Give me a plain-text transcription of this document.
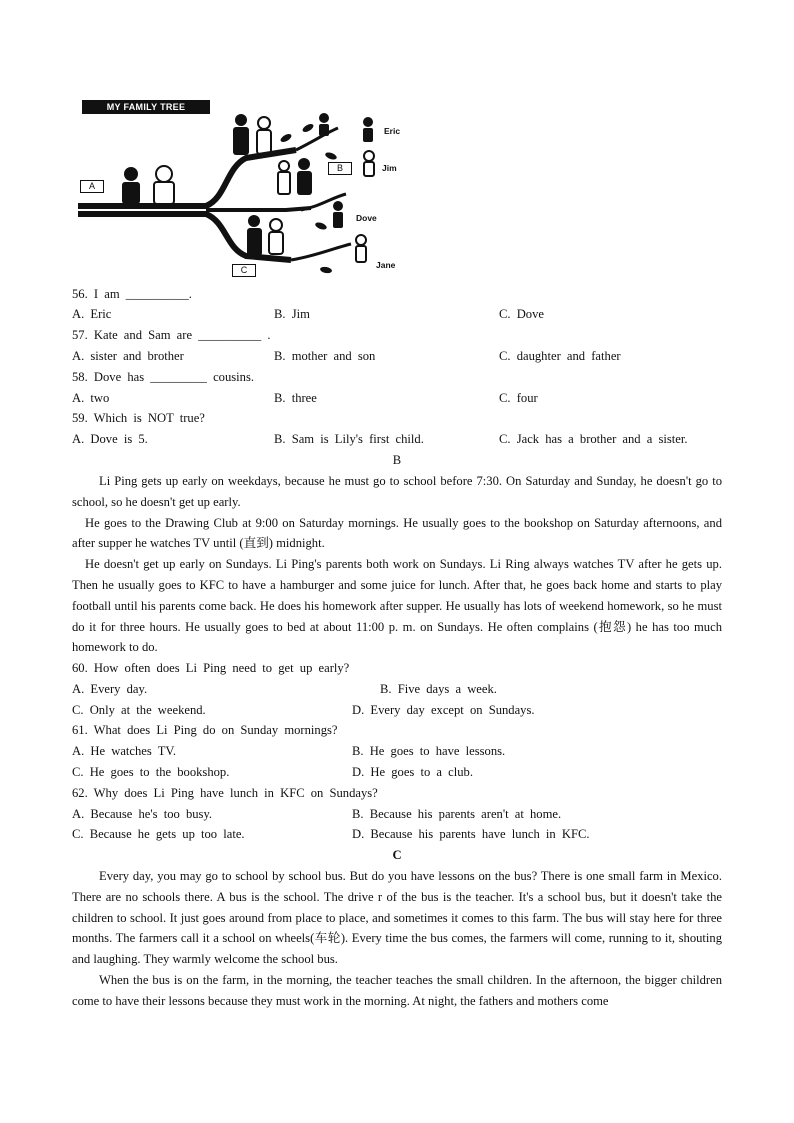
MY FAMILY TREE
A
B
C
Eric
Jim
Dove
Jane
56. I am __________.
A. Eric	B. Jim	C. Dove
57. Kate and Sam are __________ .
A. sister and brother	B. mother and son	C. daughter and father
58. Dove has _________ cousins.
A. two	B. three	C. four
59. Which is NOT true?
A. Dove is 5.	B. Sam is Lily's first child.	C. Jack has a brother and a sister.
B

Li Ping gets up early on weekdays, because he must go to school before 7:30. On Saturday and Sunday, he doesn't go to school, so he doesn't get up early.

He goes to the Drawing Club at 9:00 on Saturday mornings. He usually goes to the bookshop on Saturday afternoons, and after supper he watches TV until (直到) midnight.

He doesn't get up early on Sundays. Li Ping's parents both work on Sundays. Li Ring always watches TV after he gets up. Then he usually goes to KFC to have a hamburger and some juice for lunch. After that, he goes back home and starts to play football until his parents come back. He does his homework after supper. He usually has lots of weekend homework, so he must do it for three hours. He usually goes to bed at about 11:00 p. m. on Sundays. He often complains (抱怨) he has too much homework to do.

60. How often does Li Ping need to get up early?
A. Every day.	B. Five days a week.
C. Only at the weekend.	D. Every day except on Sundays.
61. What does Li Ping do on Sunday mornings?
A. He watches TV.	B. He goes to have lessons.
C. He goes to the bookshop.	D. He goes to a club.
62. Why does Li Ping have lunch in KFC on Sundays?
A. Because he's too busy.	B. Because his parents aren't at home.
C. Because he gets up too late.	D. Because his parents have lunch in KFC.
C

Every day, you may go to school by school bus. But do you have lessons on the bus? There is one small farm in Mexico. There are no schools there. A bus is the school. The drive r of the bus is the teacher. It's a school bus, but it doesn't take the children to school. It just goes around from place to place, and sometimes it comes to this farm. The bus will stay here for three months. The farmers call it a school on wheels(车轮). Every time the bus comes, the farmers will come, running to it, shouting and laughing. They warmly welcome the school bus.

When the bus is on the farm, in the morning, the teacher teaches the small children. In the afternoon, the bigger children come to have their lessons because they must work in the morning. At night, the fathers and mothers come
